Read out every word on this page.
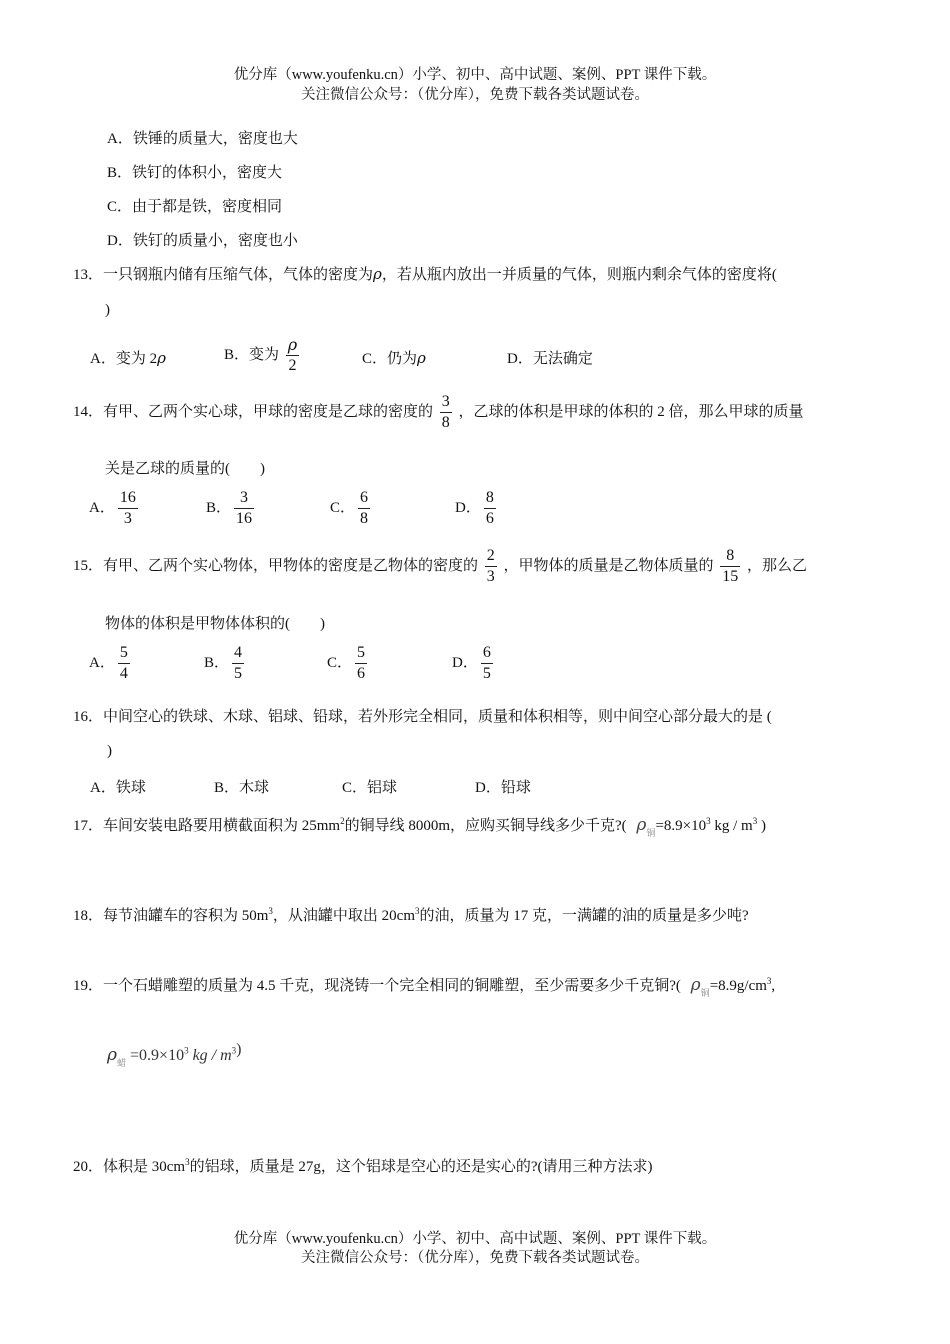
优分库（www.youfenku.cn）小学、初中、高中试题、案例、PPT 课件下载。
关注微信公众号：（优分库），免费下载各类试题试卷。
A．铁锤的质量大，密度也大
B．铁钉的体积小，密度大
C．由于都是铁，密度相同
D．铁钉的质量小，密度也小
13．一只钢瓶内储有压缩气体，气体的密度为ρ，若从瓶内放出一并质量的气体，则瓶内剩余气体的密度将(
)
A．变为 2ρ	B．变为 $\frac{\rho}{2}$	C．仍为ρ	D．无法确定
14．有甲、乙两个实心球，甲球的密度是乙球的密度的 $\frac{3}{8}$ ，乙球的体积是甲球的体积的 2 倍，那么甲球的质量
关是乙球的质量的(　　)
A． $\frac{16}{3}$	B． $\frac{3}{16}$	C． $\frac{6}{8}$	D． $\frac{8}{6}$
15．有甲、乙两个实心物体，甲物体的密度是乙物体的密度的 $\frac{2}{3}$ ，甲物体的质量是乙物体质量的 $\frac{8}{15}$ ，那么乙
物体的体积是甲物体体积的(　　)
A． $\frac{5}{4}$	B． $\frac{4}{5}$	C． $\frac{5}{6}$	D． $\frac{6}{5}$
16．中间空心的铁球、木球、铝球、铅球，若外形完全相同，质量和体积相等，则中间空心部分最大的是 (
)
A．铁球	B．木球	C．铝球	D．铅球
17．车间安装电路要用横截面积为 $25mm^2$的铜导线 8000m，应购买铜导线多少千克?( $\rho_铜=8.9\times 10^3$ kg / $m^3$ )
18．每节油罐车的容积为 $50m^3$，从油罐中取出 $20cm^3$的油，质量为 17 克，一满罐的油的质量是多少吨?
19．一个石蜡雕塑的质量为 4.5 千克，现浇铸一个完全相同的铜雕塑，至少需要多少千克铜?( $\rho_铜=8.9g/cm^3$,
$\rho_蜡 =0.9\times 10^3$ kg / $m^3$)
20．体积是 $30cm^3$的铝球，质量是 27g，这个铝球是空心的还是实心的?(请用三种方法求)
优分库（www.youfenku.cn）小学、初中、高中试题、案例、PPT 课件下载。
关注微信公众号：（优分库），免费下载各类试题试卷。
